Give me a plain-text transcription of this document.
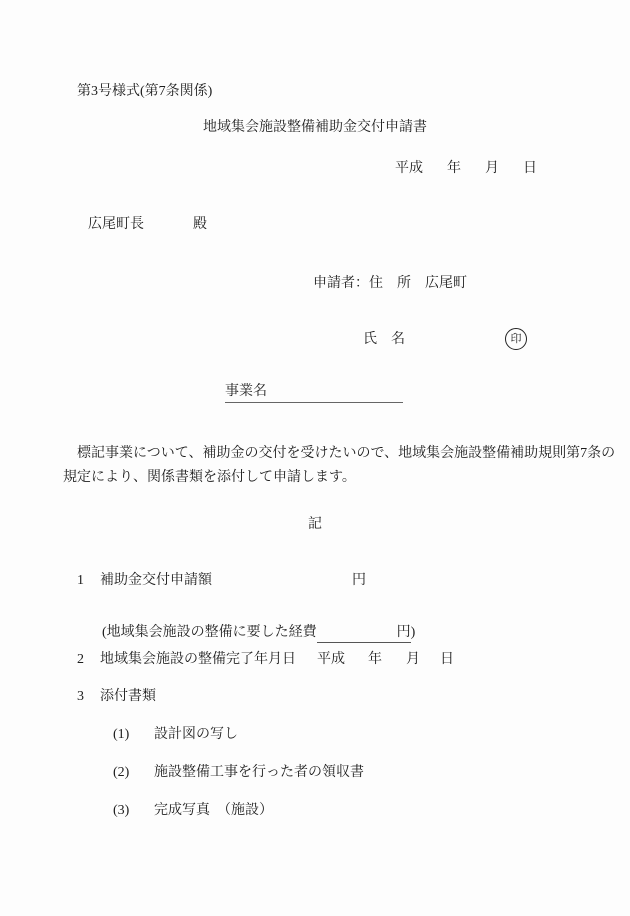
第3号様式(第7条関係)
地域集会施設整備補助金交付申請書

平成

年

月

日

広尾町長

	殿

申請者：住　所　広尾町
氏　名	印
事業名
　標記事業について、補助金の交付を受けたいので、地域集会施設整備補助規則第7条の
規定により、関係書類を添付して申請します。
記

1

補助金交付申請額

	円

(地域集会施設の整備に要した経費	円)

2

地域集会施設の整備完了年月日

平成

年

月

日

3

添付書類

(1)

設計図の写し

(2)

施設整備工事を行った者の領収書

(3)

完成写真　（施設）
